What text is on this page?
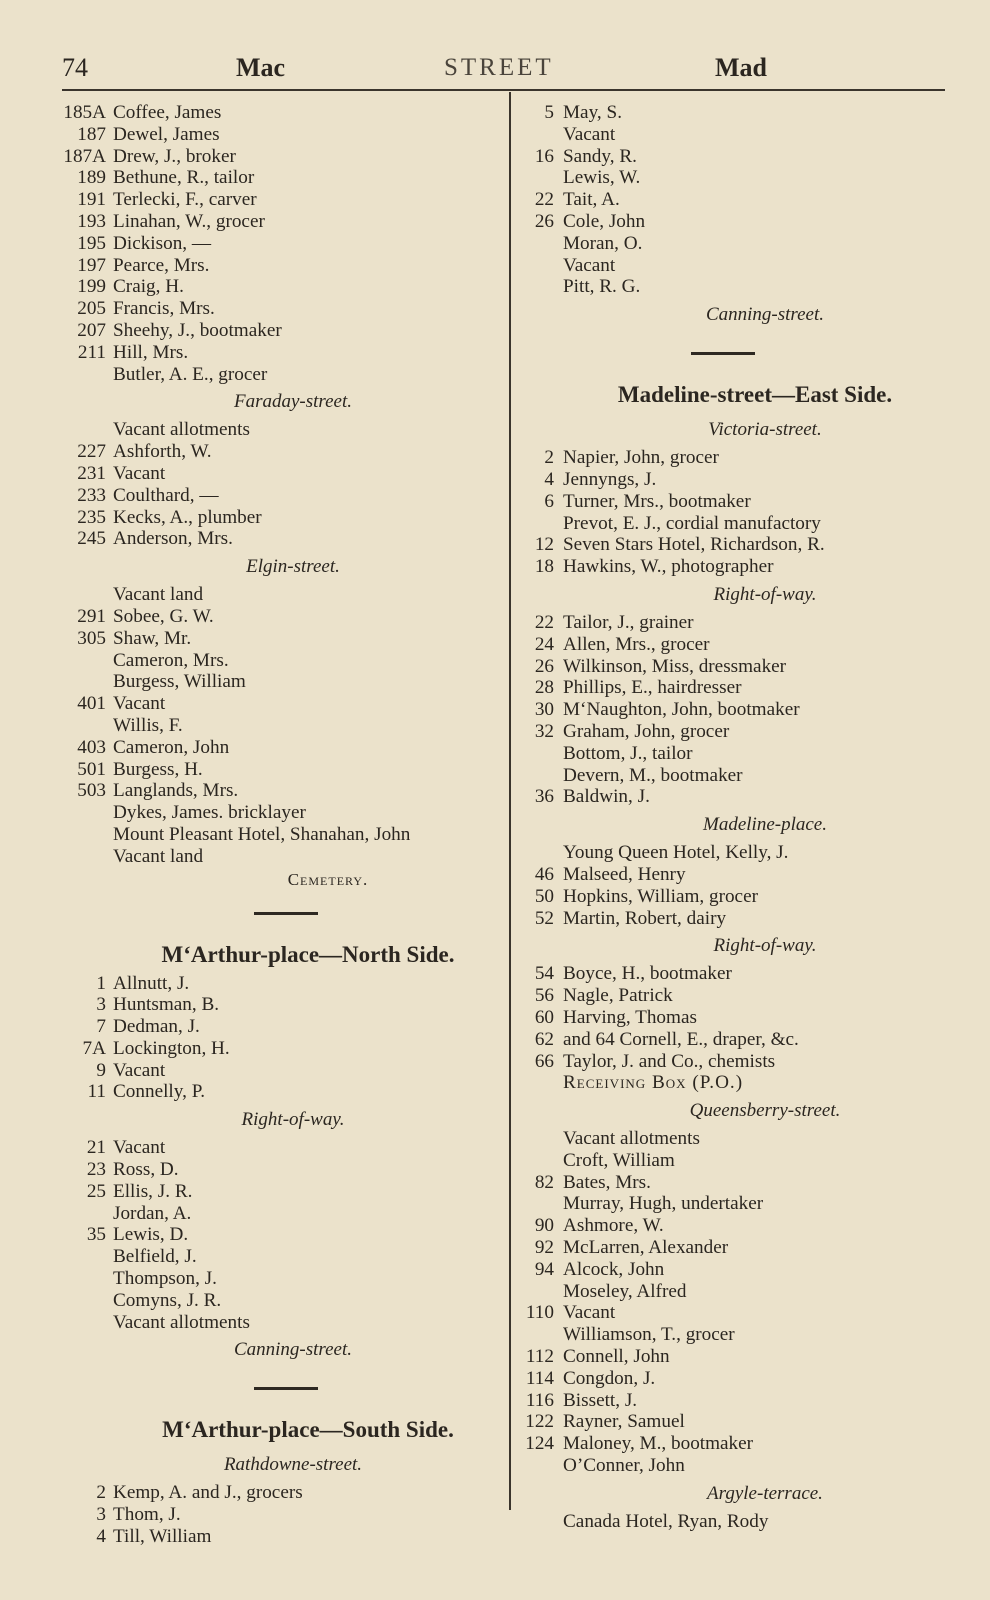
74	Mac	STREET	Mad
185A Coffee, James
187 Dewel, James
187A Drew, J., broker
189 Bethune, R., tailor
191 Terlecki, F., carver
193 Linahan, W., grocer
195 Dickison, —
197 Pearce, Mrs.
199 Craig, H.
205 Francis, Mrs.
207 Sheehy, J., bootmaker
211 Hill, Mrs.
Butler, A. E., grocer
Faraday-street.
Vacant allotments
227 Ashforth, W.
231 Vacant
233 Coulthard, —
235 Kecks, A., plumber
245 Anderson, Mrs.
Elgin-street.
Vacant land
291 Sobee, G. W.
305 Shaw, Mr.
Cameron, Mrs.
Burgess, William
401 Vacant
Willis, F.
403 Cameron, John
501 Burgess, H.
503 Langlands, Mrs.
Dykes, James. bricklayer
Mount Pleasant Hotel, Shanahan, John
Vacant land
Cemetery.
M‘Arthur-place—North Side.
1 Allnutt, J.
3 Huntsman, B.
7 Dedman, J.
7A Lockington, H.
9 Vacant
11 Connelly, P.
Right-of-way.
21 Vacant
23 Ross, D.
25 Ellis, J. R.
Jordan, A.
35 Lewis, D.
Belfield, J.
Thompson, J.
Comyns, J. R.
Vacant allotments
Canning-street.
M‘Arthur-place—South Side.
Rathdowne-street.
2 Kemp, A. and J., grocers
3 Thom, J.
4 Till, William
5 May, S.
Vacant
16 Sandy, R.
Lewis, W.
22 Tait, A.
26 Cole, John
Moran, O.
Vacant
Pitt, R. G.
Canning-street.
Madeline-street—East Side.
Victoria-street.
2 Napier, John, grocer
4 Jennyngs, J.
6 Turner, Mrs., bootmaker
Prevot, E. J., cordial manufactory
12 Seven Stars Hotel, Richardson, R.
18 Hawkins, W., photographer
Right-of-way.
22 Tailor, J., grainer
24 Allen, Mrs., grocer
26 Wilkinson, Miss, dressmaker
28 Phillips, E., hairdresser
30 M‘Naughton, John, bootmaker
32 Graham, John, grocer
Bottom, J., tailor
Devern, M., bootmaker
36 Baldwin, J.
Madeline-place.
Young Queen Hotel, Kelly, J.
46 Malseed, Henry
50 Hopkins, William, grocer
52 Martin, Robert, dairy
Right-of-way.
54 Boyce, H., bootmaker
56 Nagle, Patrick
60 Harving, Thomas
62 and 64 Cornell, E., draper, &c.
66 Taylor, J. and Co., chemists
Receiving Box (P.O.)
Queensberry-street.
Vacant allotments
Croft, William
82 Bates, Mrs.
Murray, Hugh, undertaker
90 Ashmore, W.
92 McLarren, Alexander
94 Alcock, John
Moseley, Alfred
110 Vacant
Williamson, T., grocer
112 Connell, John
114 Congdon, J.
116 Bissett, J.
122 Rayner, Samuel
124 Maloney, M., bootmaker
O’Conner, John
Argyle-terrace.
Canada Hotel, Ryan, Rody
